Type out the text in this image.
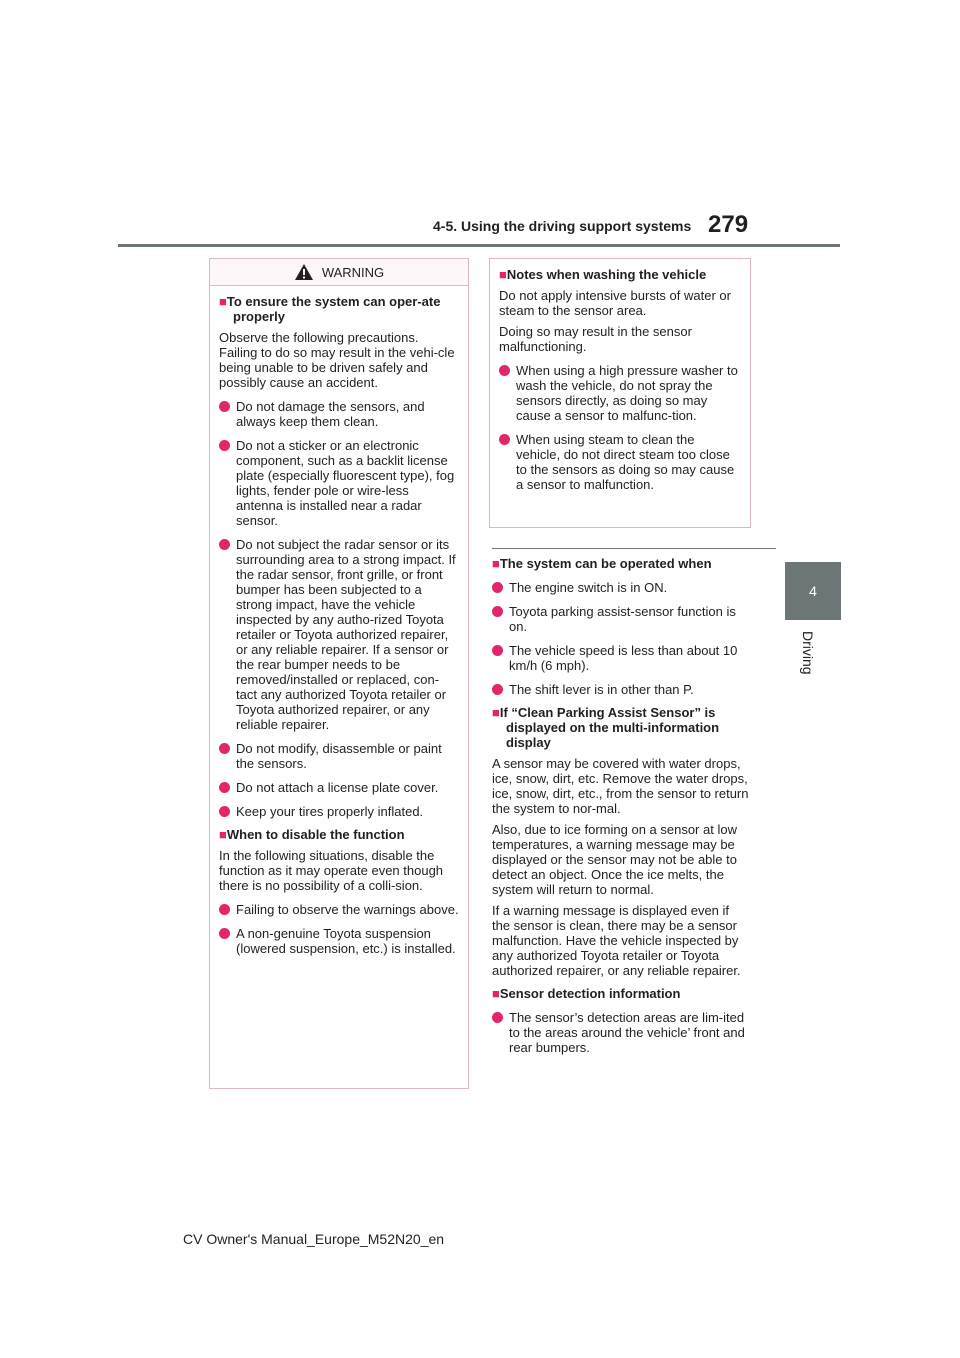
4-5. Using the driving support systems 279
4
Driving
WARNING
■To ensure the system can oper-ate properly
Observe the following precautions. Failing to do so may result in the vehi-cle being unable to be driven safely and possibly cause an accident.
Do not damage the sensors, and always keep them clean.
Do not a sticker or an electronic component, such as a backlit license plate (especially fluorescent type), fog lights, fender pole or wire-less antenna is installed near a radar sensor.
Do not subject the radar sensor or its surrounding area to a strong impact. If the radar sensor, front grille, or front bumper has been subjected to a strong impact, have the vehicle inspected by any autho-rized Toyota retailer or Toyota authorized repairer, or any reliable repairer. If a sensor or the rear bumper needs to be removed/installed or replaced, con-tact any authorized Toyota retailer or Toyota authorized repairer, or any reliable repairer.
Do not modify, disassemble or paint the sensors.
Do not attach a license plate cover.
Keep your tires properly inflated.
■When to disable the function
In the following situations, disable the function as it may operate even though there is no possibility of a colli-sion.
Failing to observe the warnings above.
A non-genuine Toyota suspension (lowered suspension, etc.) is installed.
■Notes when washing the vehicle
Do not apply intensive bursts of water or steam to the sensor area.
Doing so may result in the sensor malfunctioning.
When using a high pressure washer to wash the vehicle, do not spray the sensors directly, as doing so may cause a sensor to malfunc-tion.
When using steam to clean the vehicle, do not direct steam too close to the sensors as doing so may cause a sensor to malfunction.
■The system can be operated when
The engine switch is in ON.
Toyota parking assist-sensor function is on.
The vehicle speed is less than about 10 km/h (6 mph).
The shift lever is in other than P.
■If “Clean Parking Assist Sensor” is displayed on the multi-information display
A sensor may be covered with water drops, ice, snow, dirt, etc. Remove the water drops, ice, snow, dirt, etc., from the sensor to return the system to nor-mal.
Also, due to ice forming on a sensor at low temperatures, a warning message may be displayed or the sensor may not be able to detect an object. Once the ice melts, the system will return to normal.
If a warning message is displayed even if the sensor is clean, there may be a sensor malfunction. Have the vehicle inspected by any authorized Toyota retailer or Toyota authorized repairer, or any reliable repairer.
■Sensor detection information
The sensor’s detection areas are lim-ited to the areas around the vehicle’ front and rear bumpers.
CV Owner's Manual_Europe_M52N20_en
